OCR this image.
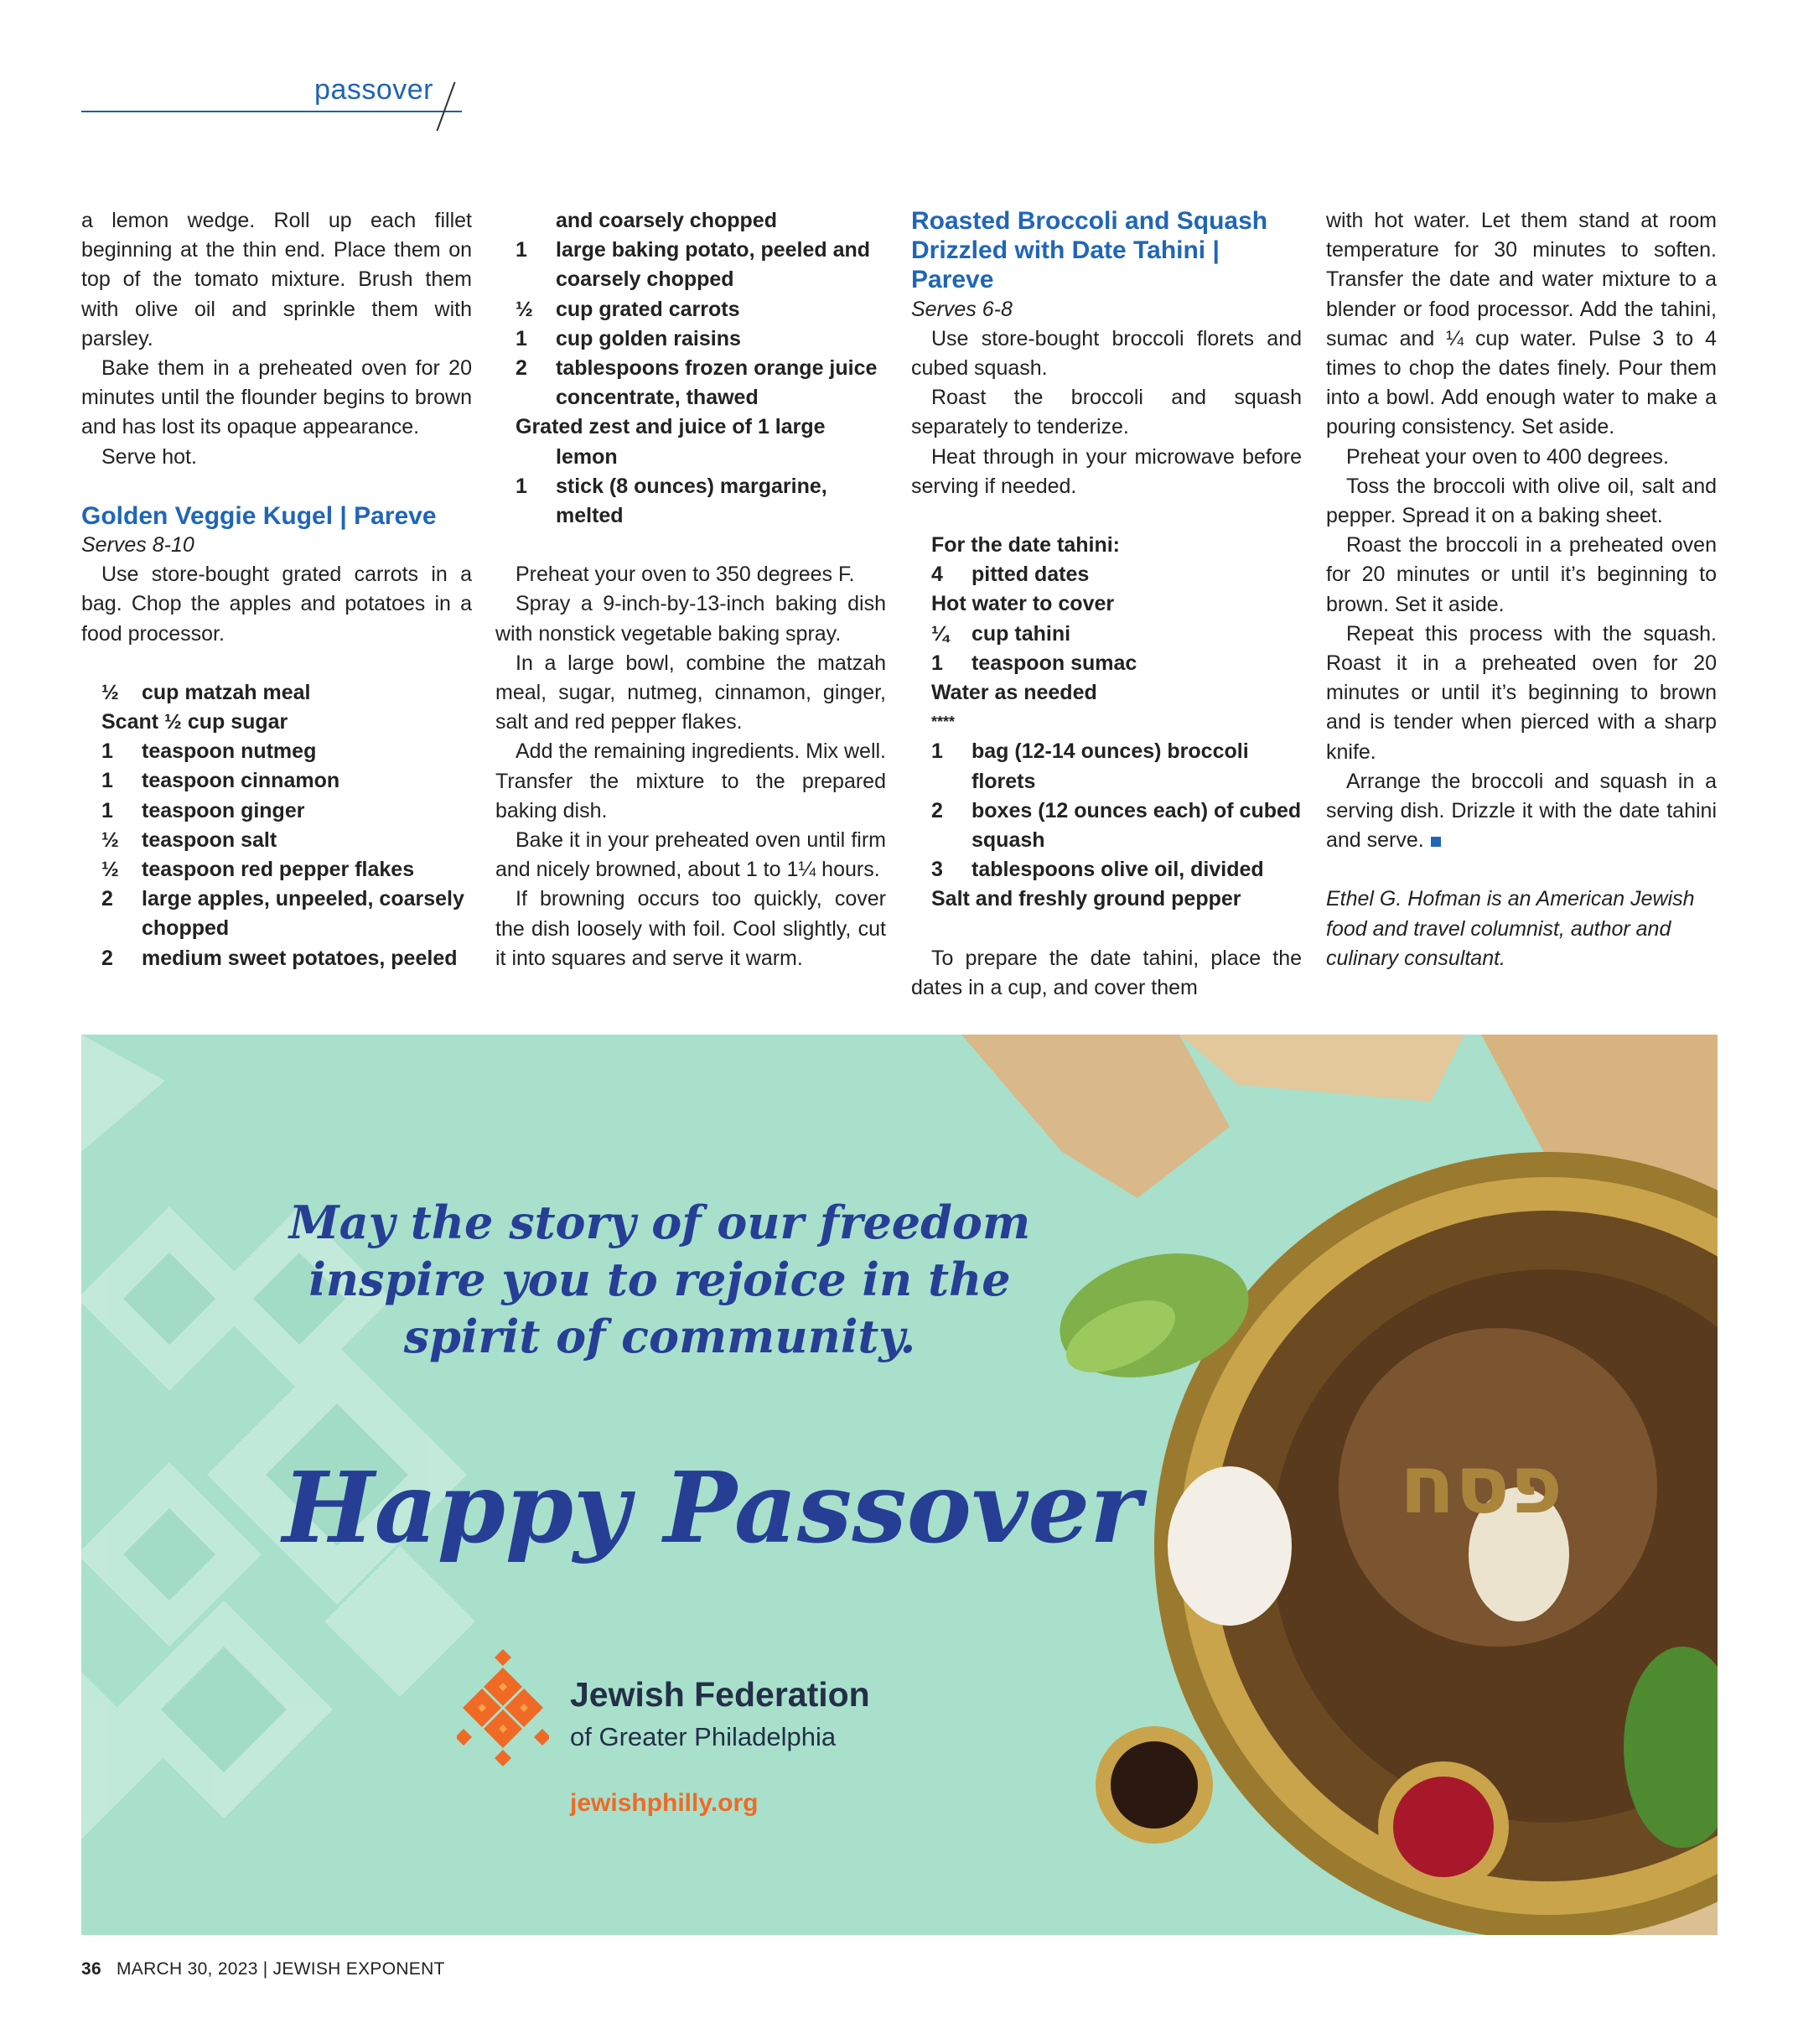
passover

a lemon wedge. Roll up each fillet beginning at the thin end. Place them on top of the tomato mixture. Brush them with olive oil and sprinkle them with parsley.

Bake them in a preheated oven for 20 minutes until the flounder begins to brown and has lost its opaque appearance.

Serve hot.

Golden Veggie Kugel | Pareve
Serves 8-10

Use store-bought grated carrots in a bag. Chop the apples and potatoes in a food processor.

½	cup matzah meal
Scant ½ cup sugar
1	teaspoon nutmeg
1	teaspoon cinnamon
1	teaspoon ginger
½	teaspoon salt
½	teaspoon red pepper flakes
2	large apples, unpeeled, coarsely chopped
2	medium sweet potatoes, peeled
and coarsely chopped
1	large baking potato, peeled and coarsely chopped
½	cup grated carrots
1	cup golden raisins
2	tablespoons frozen orange juice concentrate, thawed
Grated zest and juice of 1 large
lemon
1	stick (8 ounces) margarine, melted

Preheat your oven to 350 degrees F.

Spray a 9-inch-by-13-inch baking dish with nonstick vegetable baking spray.

In a large bowl, combine the matzah meal, sugar, nutmeg, cinnamon, ginger, salt and red pepper flakes.

Add the remaining ingredients. Mix well. Transfer the mixture to the prepared baking dish.

Bake it in your preheated oven until firm and nicely browned, about 1 to 1¼ hours.

If browning occurs too quickly, cover the dish loosely with foil. Cool slightly, cut it into squares and serve it warm.

Roasted Broccoli and Squash Drizzled with Date Tahini | Pareve
Serves 6-8

Use store-bought broccoli florets and cubed squash.

Roast the broccoli and squash separately to tenderize.

Heat through in your microwave before serving if needed.

For the date tahini:
4	pitted dates
Hot water to cover
¼	cup tahini
1	teaspoon sumac
Water as needed
****
1	bag (12-14 ounces) broccoli florets
2	boxes (12 ounces each) of cubed squash
3	tablespoons olive oil, divided
Salt and freshly ground pepper

To prepare the date tahini, place the dates in a cup, and cover them

with hot water. Let them stand at room temperature for 30 minutes to soften. Transfer the date and water mixture to a blender or food processor. Add the tahini, sumac and ¼ cup water. Pulse 3 to 4 times to chop the dates finely. Pour them into a bowl. Add enough water to make a pouring consistency. Set aside.

Preheat your oven to 400 degrees.

Toss the broccoli with olive oil, salt and pepper. Spread it on a baking sheet.

Roast the broccoli in a preheated oven for 20 minutes or until it’s beginning to brown. Set it aside.

Repeat this process with the squash. Roast it in a preheated oven for 20 minutes or until it’s beginning to brown and is tender when pierced with a sharp knife.

Arrange the broccoli and squash in a serving dish. Drizzle it with the date tahini and serve.

Ethel G. Hofman is an American Jewish food and travel columnist, author and culinary consultant.

פסח
May the story of our freedom
inspire you to rejoice in the
spirit of community.
Happy Passover
Jewish Federation
of Greater Philadelphia
jewishphilly.org
36 MARCH 30, 2023 | JEWISH EXPONENT
